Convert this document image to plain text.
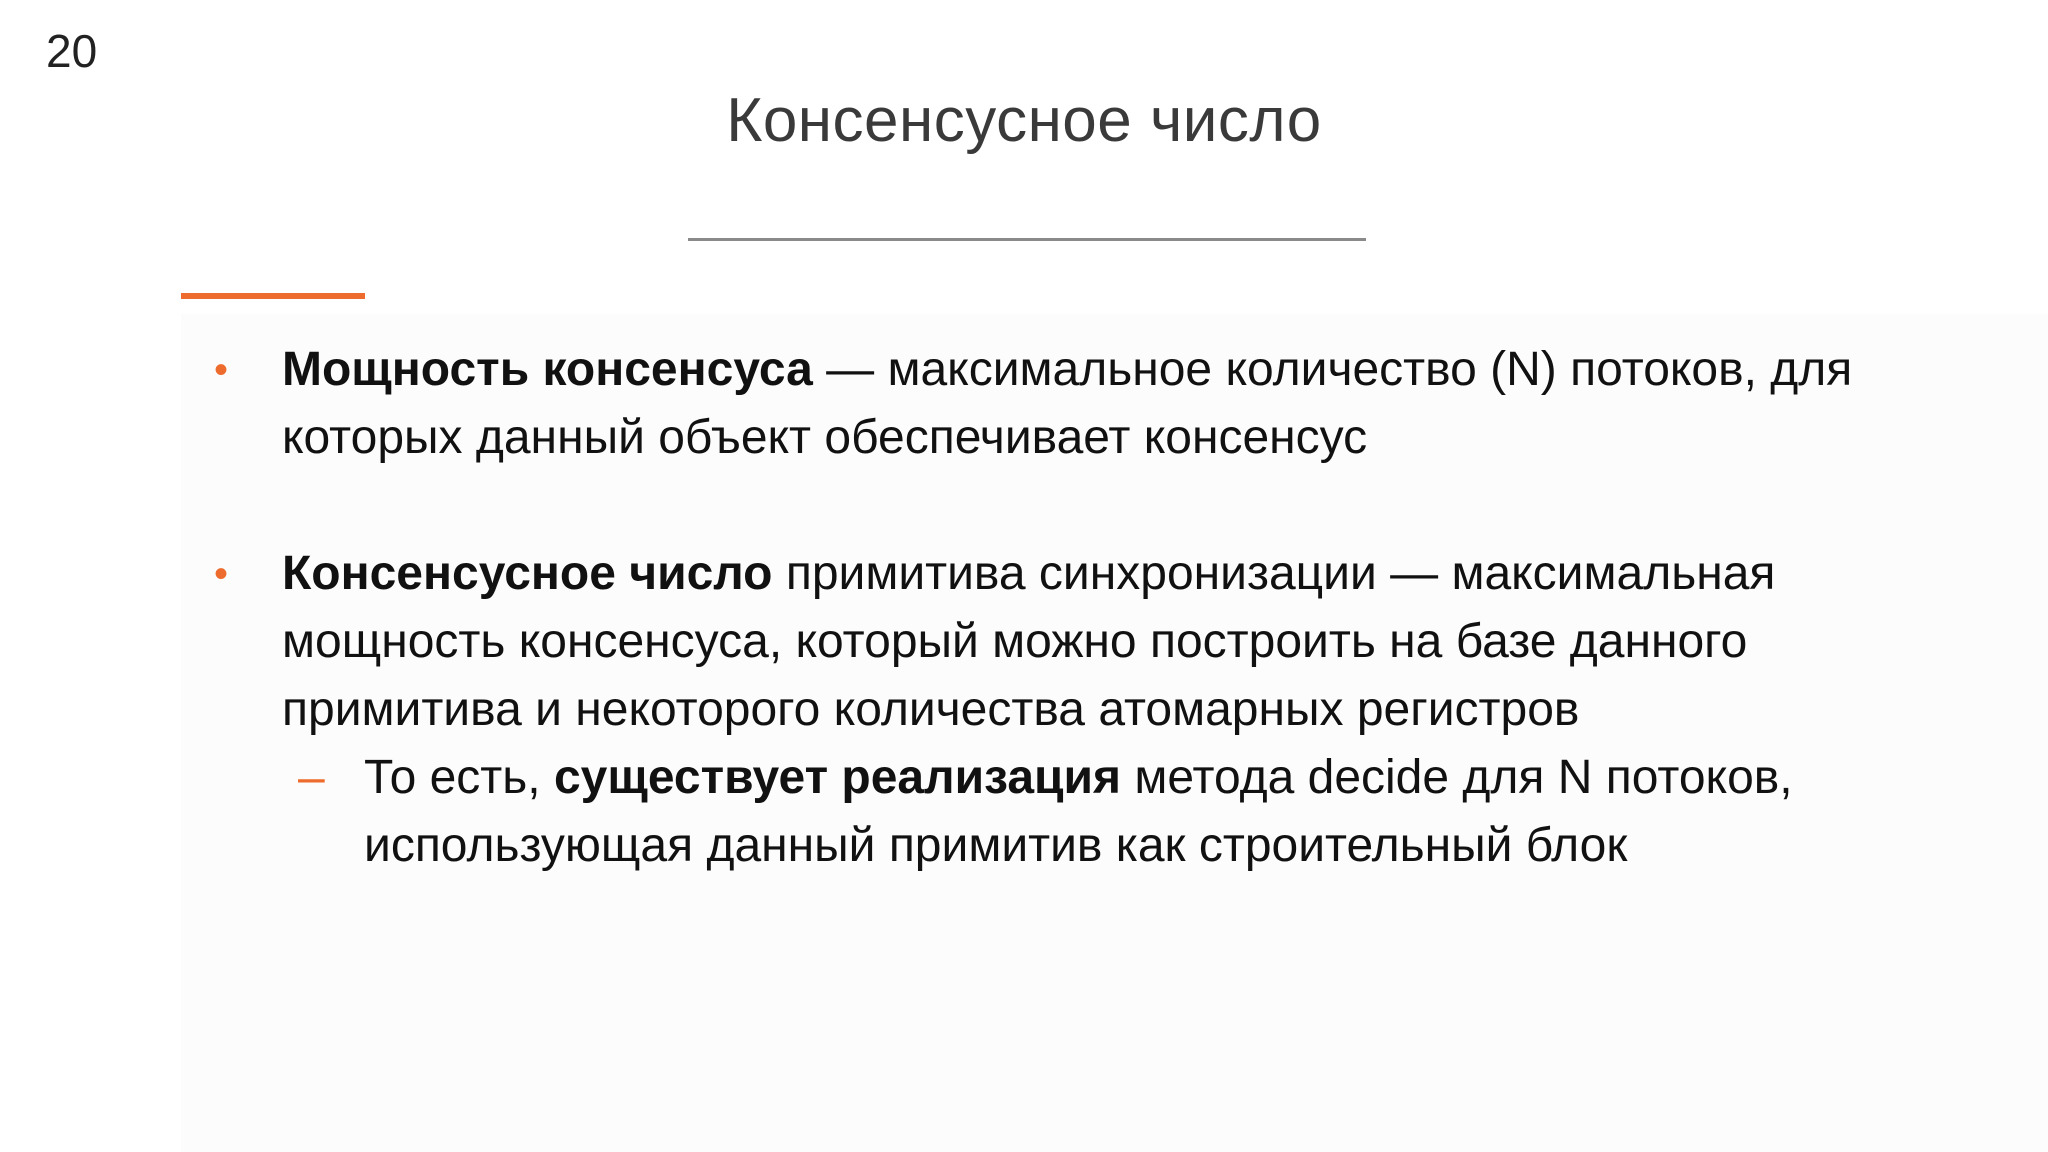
20
Консенсусное число
• Мощность консенсуса — максимальное количество (N) потоков, для которых данный объект обеспечивает консенсус
• Консенсусное число примитива синхронизации — максимальная мощность консенсуса, который можно построить на базе данного примитива и некоторого количества атомарных регистров
– То есть, существует реализация метода decide для N потоков, использующая данный примитив как строительный блок
